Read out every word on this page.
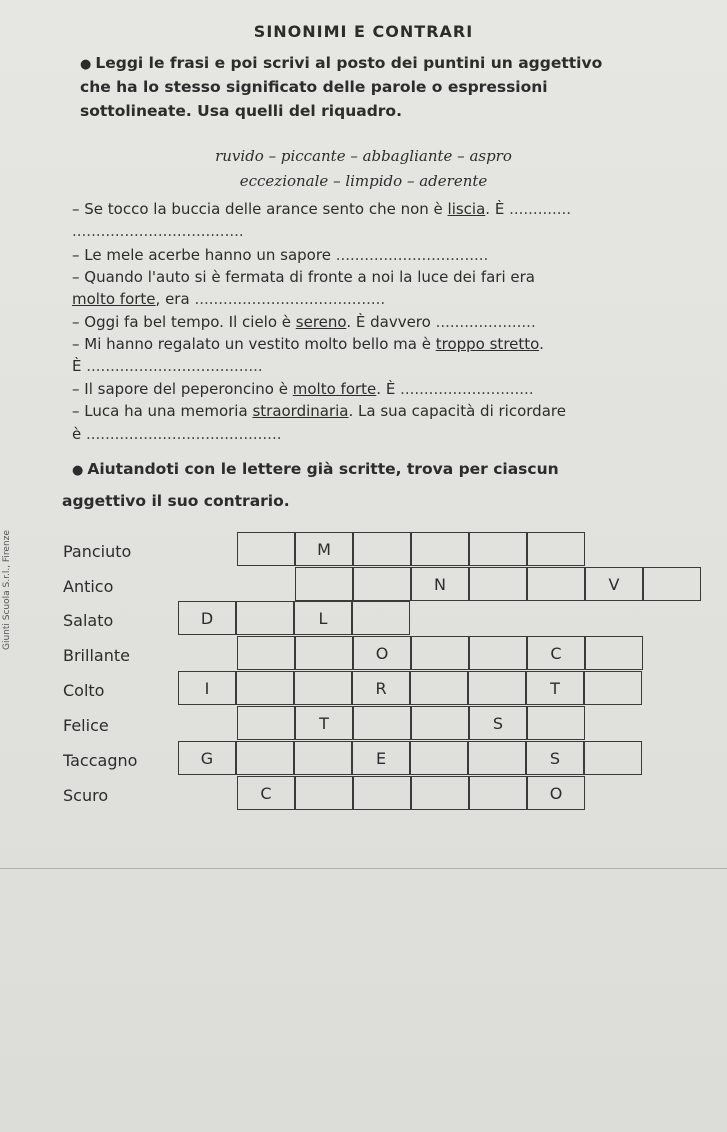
SINONIMI E CONTRARI
● Leggi le frasi e poi scrivi al posto dei puntini un aggettivo
che ha lo stesso significato delle parole o espressioni
sottolineate. Usa quelli del riquadro.
ruvido – piccante – abbagliante – aspro
eccezionale – limpido – aderente
– Se tocco la buccia delle arance sento che non è liscia. È .............
....................................
– Le mele acerbe hanno un sapore ................................
– Quando l'auto si è fermata di fronte a noi la luce dei fari era
molto forte, era ........................................
– Oggi fa bel tempo. Il cielo è sereno. È davvero .....................
– Mi hanno regalato un vestito molto bello ma è troppo stretto.
È .....................................
– Il sapore del peperoncino è molto forte. È ............................
– Luca ha una memoria straordinaria. La sua capacità di ricordare
è .........................................
● Aiutandoti con le lettere già scritte, trova per ciascun
aggettivo il suo contrario.
Panciuto
Antico
Salato
Brillante
Colto
Felice
Taccagno
Scuro
M
N	V
D	L
O	C
I	R	T
T	S
G	E	S
C	O
Giunti Scuola S.r.l., Firenze
